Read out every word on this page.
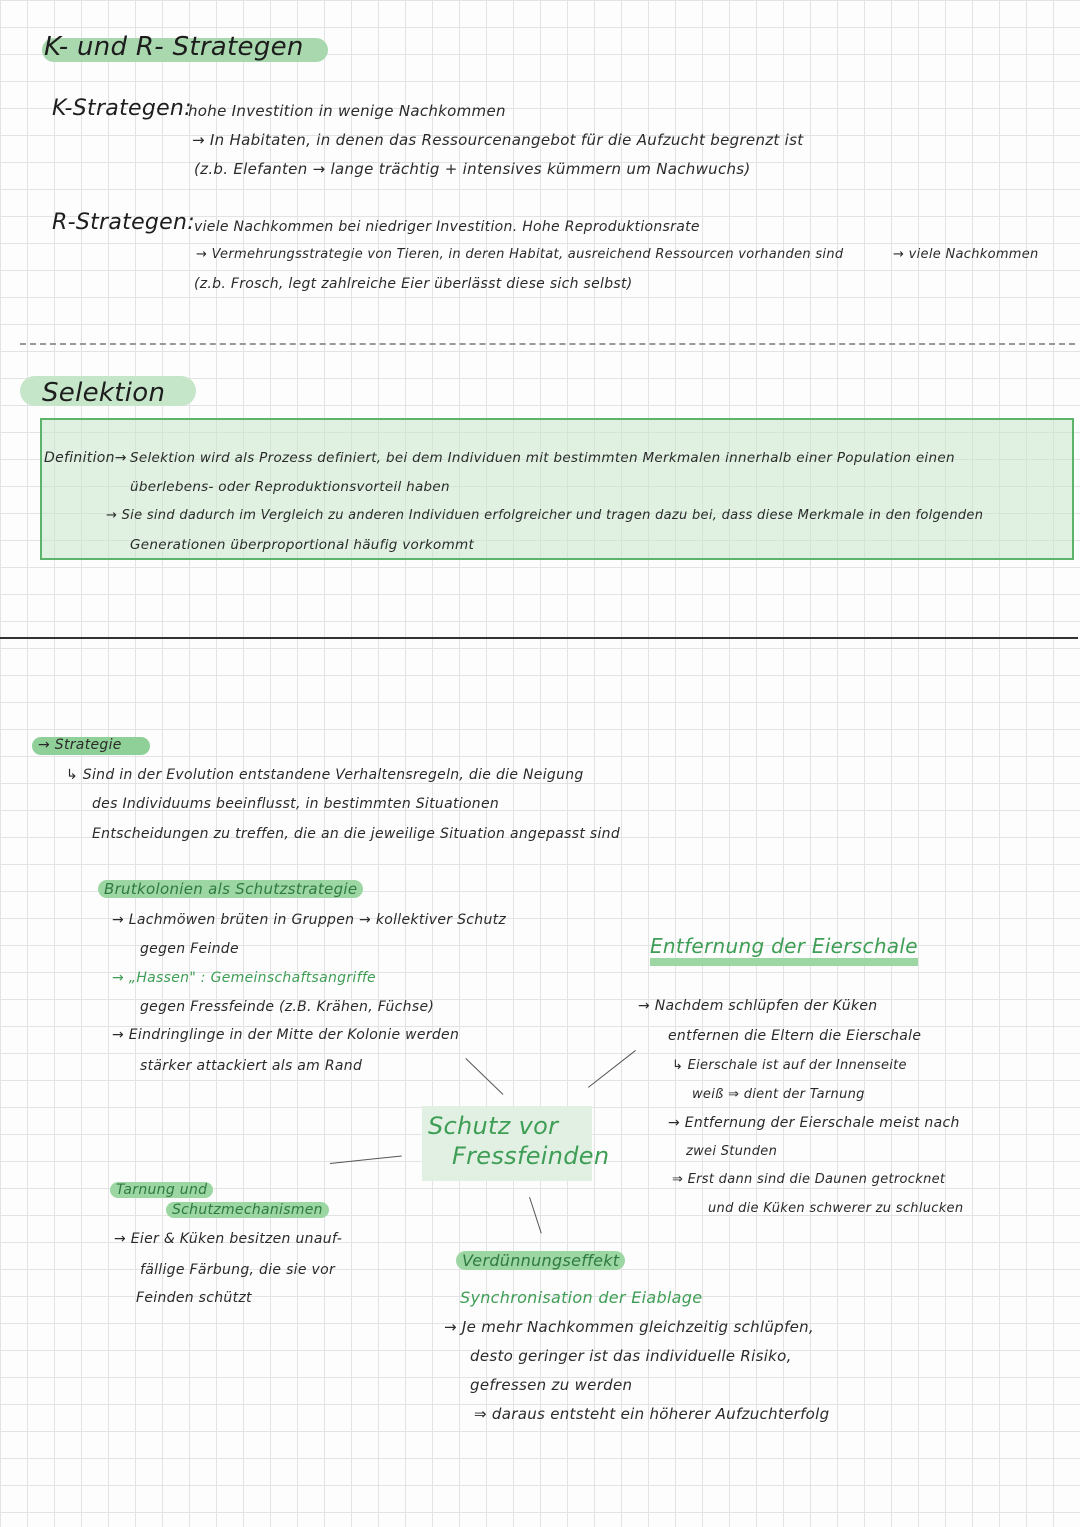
K- und R- Strategen
K-Strategen:
hohe Investition in wenige Nachkommen
→ In Habitaten, in denen das Ressourcenangebot für die Aufzucht begrenzt ist
(z.b. Elefanten → lange trächtig + intensives kümmern um Nachwuchs)
R-Strategen: viele Nachkommen bei niedriger Investition. Hohe Reproduktionsrate
→ Vermehrungsstrategie von Tieren, in deren Habitat, ausreichend Ressourcen vorhanden sind	→ viele Nachkommen
(z.b. Frosch, legt zahlreiche Eier überlässt diese sich selbst)
Selektion
Definition→ Selektion wird als Prozess definiert, bei dem Individuen mit bestimmten Merkmalen innerhalb einer Population einen
überlebens- oder Reproduktionsvorteil haben
→ Sie sind dadurch im Vergleich zu anderen Individuen erfolgreicher und tragen dazu bei, dass diese Merkmale in den folgenden
Generationen überproportional häufig vorkommt
→ Strategie
↳ Sind in der Evolution entstandene Verhaltensregeln, die die Neigung
des Individuums beeinflusst, in bestimmten Situationen
Entscheidungen zu treffen, die an die jeweilige Situation angepasst sind
Brutkolonien als Schutzstrategie
→ Lachmöwen brüten in Gruppen → kollektiver Schutz
gegen Feinde
→ „Hassen" : Gemeinschaftsangriffe
gegen Fressfeinde (z.B. Krähen, Füchse)
→ Eindringlinge in der Mitte der Kolonie werden
stärker attackiert als am Rand
Schutz vor
Fressfeinden
Entfernung der Eierschale
→ Nachdem schlüpfen der Küken
entfernen die Eltern die Eierschale
↳ Eierschale ist auf der Innenseite
weiß ⇒ dient der Tarnung
→ Entfernung der Eierschale meist nach
zwei Stunden
⇒ Erst dann sind die Daunen getrocknet
und die Küken schwerer zu schlucken
Tarnung und
Schutzmechanismen
→ Eier & Küken besitzen unauf-
fällige Färbung, die sie vor
Feinden schützt
Verdünnungseffekt
Synchronisation der Eiablage
→ Je mehr Nachkommen gleichzeitig schlüpfen,
desto geringer ist das individuelle Risiko,
gefressen zu werden
⇒ daraus entsteht ein höherer Aufzuchterfolg
